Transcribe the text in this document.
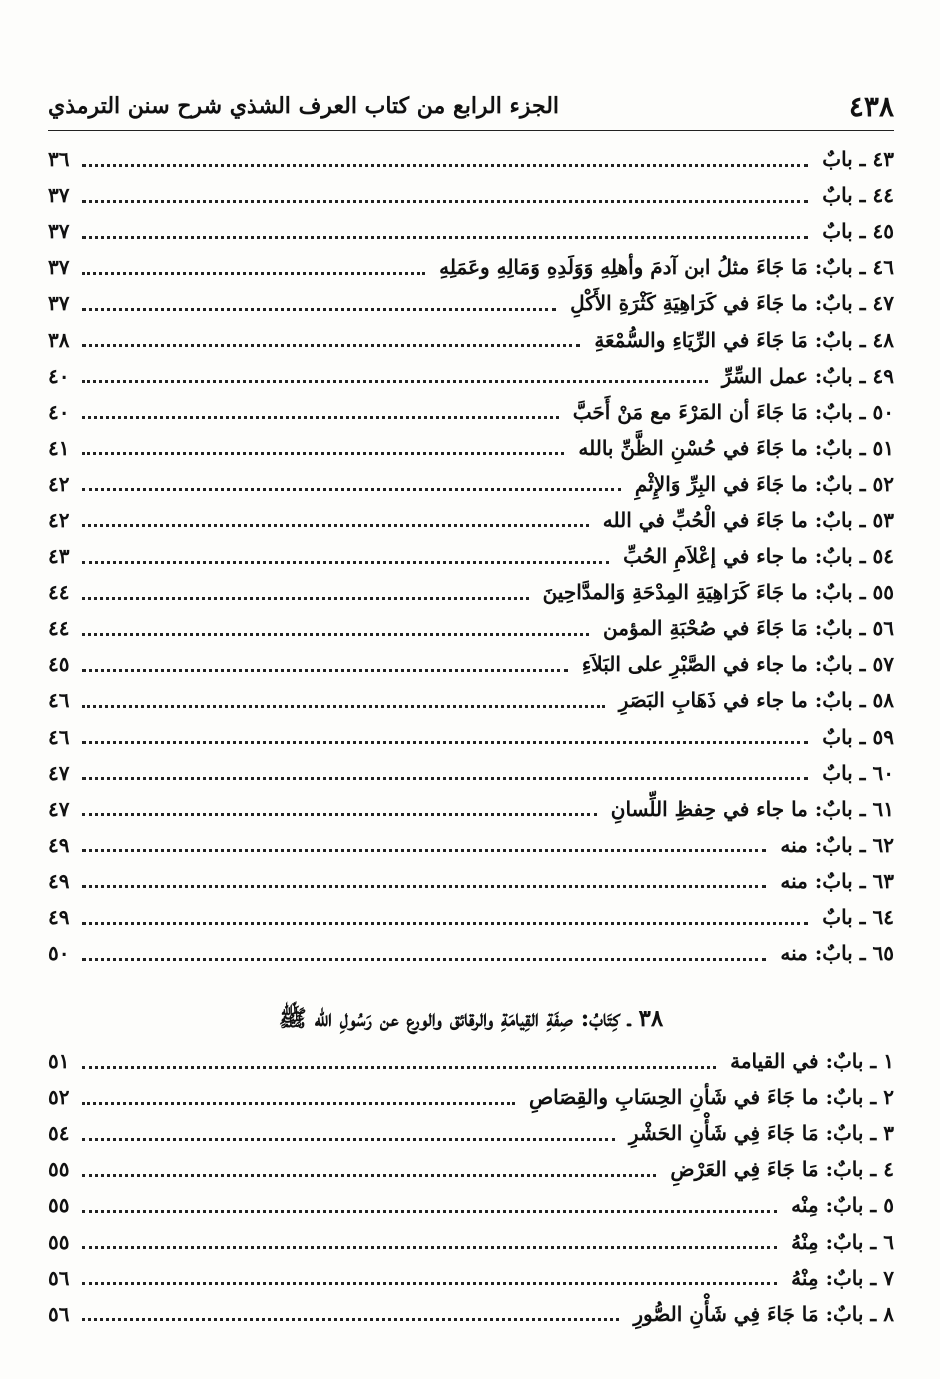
٤٣٨
الجزء الرابع من كتاب العرف الشذي شرح سنن الترمذي
٤٣ ـ بابٌ
٣٦
٤٤ ـ بابٌ
٣٧
٤٥ ـ بابٌ
٣٧
٤٦ ـ بابٌ: مَا جَاءَ مثلُ ابن آدمَ وأهلِهِ وَوَلَدِهِ وَمَالِهِ وعَمَلِهِ
٣٧
٤٧ ـ بابٌ: ما جَاءَ في كَرَاهِيَةِ كَثْرَةِ الأَكْلِ
٣٧
٤٨ ـ بابٌ: مَا جَاءَ في الرِّيَاءِ والسُّمْعَةِ
٣٨
٤٩ ـ بابٌ: عمل السِّرِّ
٤٠
٥٠ ـ بابٌ: مَا جَاءَ أن المَرْءَ مع مَنْ أَحَبَّ
٤٠
٥١ ـ بابٌ: ما جَاءَ في حُسْنِ الظَّنِّ بالله
٤١
٥٢ ـ بابٌ: ما جَاءَ في البِرِّ وَالإِثْمِ
٤٢
٥٣ ـ بابٌ: ما جَاءَ في الْحُبِّ في الله
٤٢
٥٤ ـ بابٌ: ما جاء في إعْلاَمِ الحُبِّ
٤٣
٥٥ ـ بابٌ: ما جَاءَ كَرَاهِيَةِ المِدْحَةِ وَالمدَّاحِينَ
٤٤
٥٦ ـ بابٌ: مَا جَاءَ في صُحْبَةِ المؤمن
٤٤
٥٧ ـ بابٌ: ما جاء في الصَّبْرِ على البَلاَءِ
٤٥
٥٨ ـ بابٌ: ما جاء في ذَهَابِ البَصَرِ
٤٦
٥٩ ـ بابٌ
٤٦
٦٠ ـ بابٌ
٤٧
٦١ ـ بابٌ: ما جاء في حِفظِ اللِّسانِ
٤٧
٦٢ ـ بابٌ: منه
٤٩
٦٣ ـ بابٌ: منه
٤٩
٦٤ ـ بابٌ
٤٩
٦٥ ـ بابٌ: منه
٥٠
٣٨ ـ كِتَابُ: صِفَةِ القِيامَةِ والرقائق والورع عن رَسُولِ الله ﷺ
١ ـ بابٌ: في القيامة
٥١
٢ ـ بابٌ: ما جَاءَ في شَأنِ الحِسَابِ والقِصَاصِ
٥٢
٣ ـ بابٌ: مَا جَاءَ فِي شَأْنِ الحَشْرِ
٥٤
٤ ـ بابٌ: مَا جَاءَ فِي العَرْضِ
٥٥
٥ ـ بابٌ: مِنْه
٥٥
٦ ـ بابٌ: مِنْهُ
٥٥
٧ ـ بابٌ: مِنْهُ
٥٦
٨ ـ بابٌ: مَا جَاءَ فِي شَأْنِ الصُّورِ
٥٦
